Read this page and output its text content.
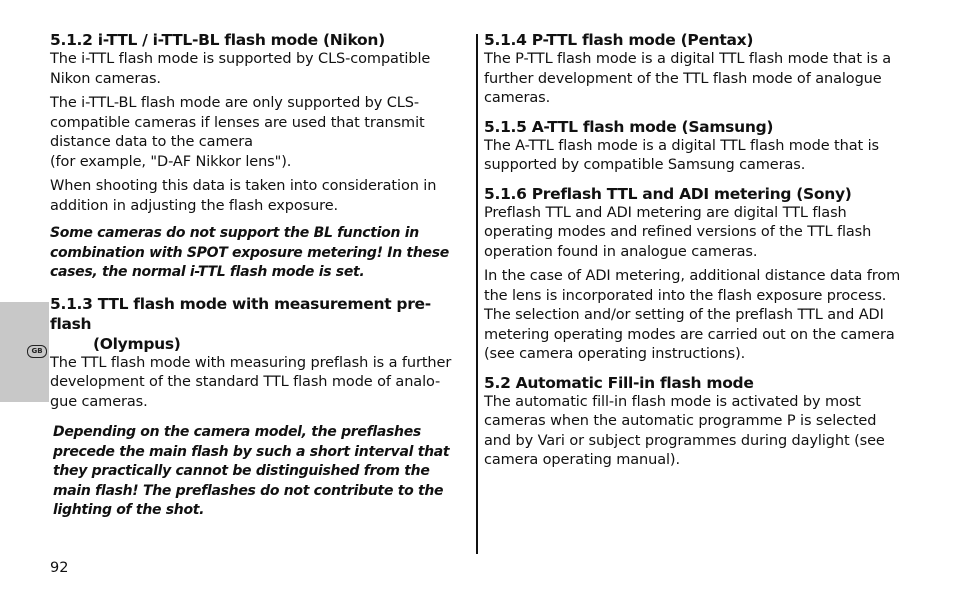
GB
5.1.2 i-TTL / i-TTL-BL flash mode (Nikon)

The i-TTL flash mode is supported by CLS-compatible Nikon cameras.

The i-TTL-BL flash mode are only supported by CLS-compatible cameras if lenses are used that transmit distance data to the camera
(for example, "D-AF Nikkor lens").

When shooting this data is taken into consideration in addition in adjusting the flash exposure.

Some cameras do not support the BL function in combination with SPOT exposure metering! In these cases, the normal i-TTL flash mode is set.

5.1.3 TTL flash mode with measurement pre-flash
(Olympus)

The TTL flash mode with measuring preflash is a further development of the standard TTL flash mode of analo-gue cameras.

Depending on the camera model, the preflashes precede the main flash by such a short interval that they practically cannot be distinguished from the main flash! The preflashes do not contribute to the lighting of the shot.

5.1.4 P-TTL flash mode (Pentax)

The P-TTL flash mode is a digital TTL flash mode that is a further development of the TTL flash mode of analogue cameras.

5.1.5 A-TTL flash mode (Samsung)

The A-TTL flash mode is a digital TTL flash mode that is supported by compatible Samsung cameras.

5.1.6 Preflash TTL and ADI metering (Sony)

Preflash TTL and ADI metering are digital TTL flash operating modes and refined versions of the TTL flash operation found in analogue cameras.

In the case of ADI metering, additional distance data from the lens is incorporated into the flash exposure process. The selection and/or setting of the preflash TTL and ADI metering operating modes are carried out on the camera (see camera operating instructions).

5.2 Automatic Fill-in flash mode

The automatic fill-in flash mode is activated by most cameras when the automatic programme P is selected and by Vari or subject programmes during daylight (see camera operating manual).

92
